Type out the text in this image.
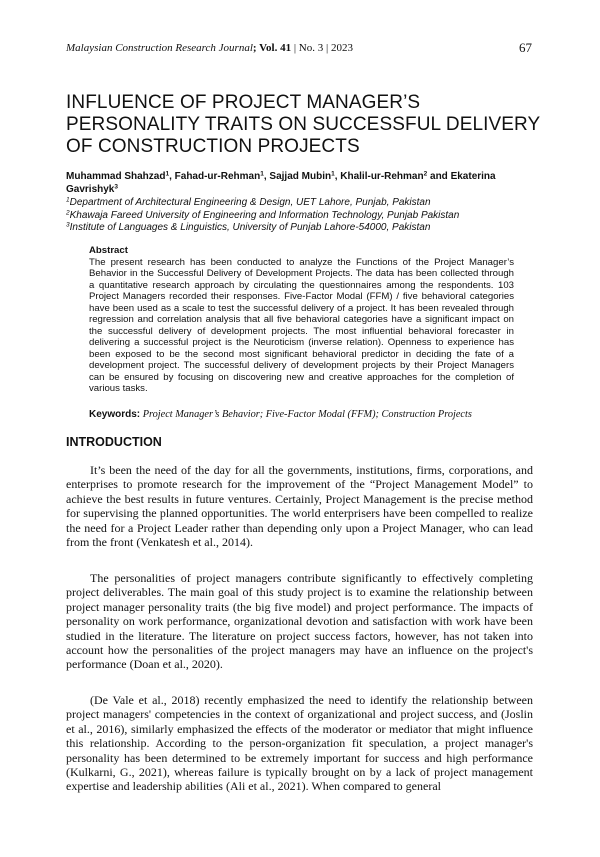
Malaysian Construction Research Journal; Vol. 41 | No. 3 | 2023	67
INFLUENCE OF PROJECT MANAGER’S PERSONALITY TRAITS ON SUCCESSFUL DELIVERY OF CONSTRUCTION PROJECTS
Muhammad Shahzad$^1$, Fahad-ur-Rehman$^1$, Sajjad Mubin$^1$, Khalil-ur-Rehman$^2$ and Ekaterina Gavrishyk$^3$
$^1$Department of Architectural Engineering & Design, UET Lahore, Punjab, Pakistan
$^2$Khawaja Fareed University of Engineering and Information Technology, Punjab Pakistan
$^3$Institute of Languages & Linguistics, University of Punjab Lahore-54000, Pakistan
Abstract
The present research has been conducted to analyze the Functions of the Project Manager’s Behavior in the Successful Delivery of Development Projects. The data has been collected through a quantitative research approach by circulating the questionnaires among the respondents. 103 Project Managers recorded their responses. Five-Factor Modal (FFM) / five behavioral categories have been used as a scale to test the successful delivery of a project. It has been revealed through regression and correlation analysis that all five behavioral categories have a significant impact on the successful delivery of development projects. The most influential behavioral forecaster in delivering a successful project is the Neuroticism (inverse relation). Openness to experience has been exposed to be the second most significant behavioral predictor in deciding the fate of a development project. The successful delivery of development projects by their Project Managers can be ensured by focusing on discovering new and creative approaches for the completion of various tasks.
Keywords: Project Manager’s Behavior; Five-Factor Modal (FFM); Construction Projects
INTRODUCTION

It’s been the need of the day for all the governments, institutions, firms, corporations, and enterprises to promote research for the improvement of the “Project Management Model” to achieve the best results in future ventures. Certainly, Project Management is the precise method for supervising the planned opportunities. The world enterprisers have been compelled to realize the need for a Project Leader rather than depending only upon a Project Manager, who can lead from the front (Venkatesh et al., 2014).

The personalities of project managers contribute significantly to effectively completing project deliverables. The main goal of this study project is to examine the relationship between project manager personality traits (the big five model) and project performance. The impacts of personality on work performance, organizational devotion and satisfaction with work have been studied in the literature. The literature on project success factors, however, has not taken into account how the personalities of the project managers may have an influence on the project's performance (Doan et al., 2020).

(De Vale et al., 2018) recently emphasized the need to identify the relationship between project managers' competencies in the context of organizational and project success, and (Joslin et al., 2016), similarly emphasized the effects of the moderator or mediator that might influence this relationship. According to the person-organization fit speculation, a project manager's personality has been determined to be extremely important for success and high performance (Kulkarni, G., 2021), whereas failure is typically brought on by a lack of project management expertise and leadership abilities (Ali et al., 2021). When compared to general
